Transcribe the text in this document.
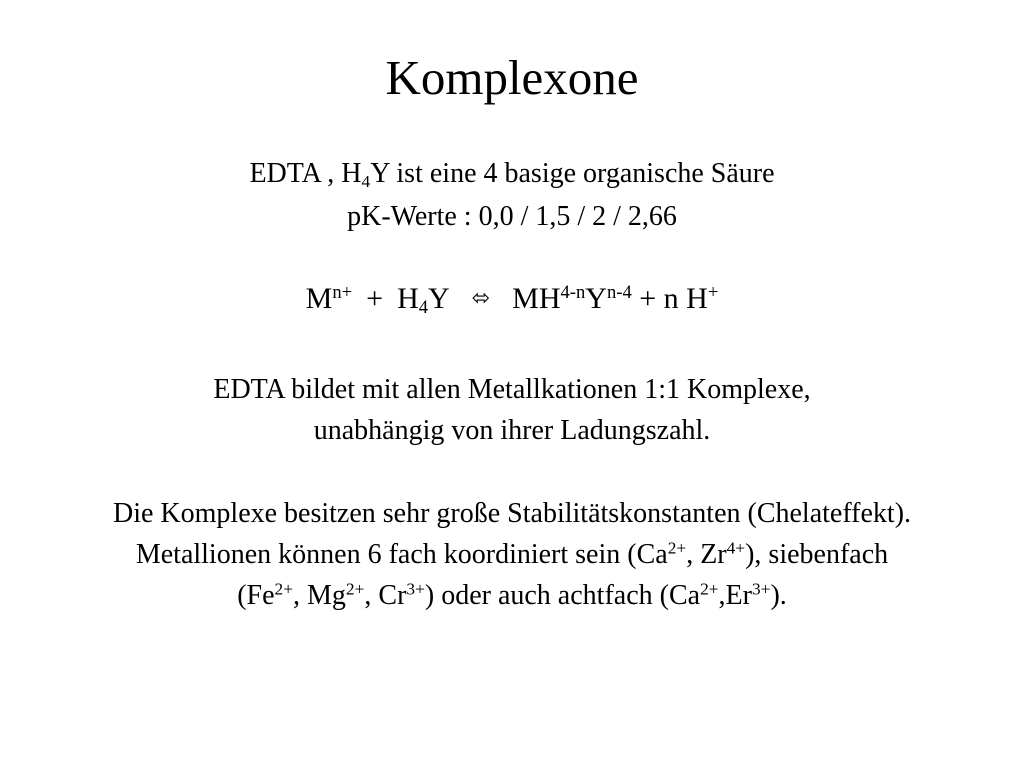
Komplexone
EDTA , $H_4Y$ ist eine 4 basige organische Säure
pK-Werte : 0,0 / 1,5 / 2 / 2,66
$M^{n+} + H_4Y$ ⬄ $MH^{4-n}Y^{n-4} + n$ H+
EDTA bildet mit allen Metallkationen 1:1 Komplexe,
unabhängig von ihrer Ladungszahl.
Die Komplexe besitzen sehr große Stabilitätskonstanten (Chelateffekt).
Metallionen können 6 fach koordiniert sein ($Ca^{2+}$, $Zr^{4+}$), siebenfach
($Fe^{2+}$, $Mg^{2+}$, $Cr^{3+}$) oder auch achtfach $(Ca^{2+},Er^{3+})$.
